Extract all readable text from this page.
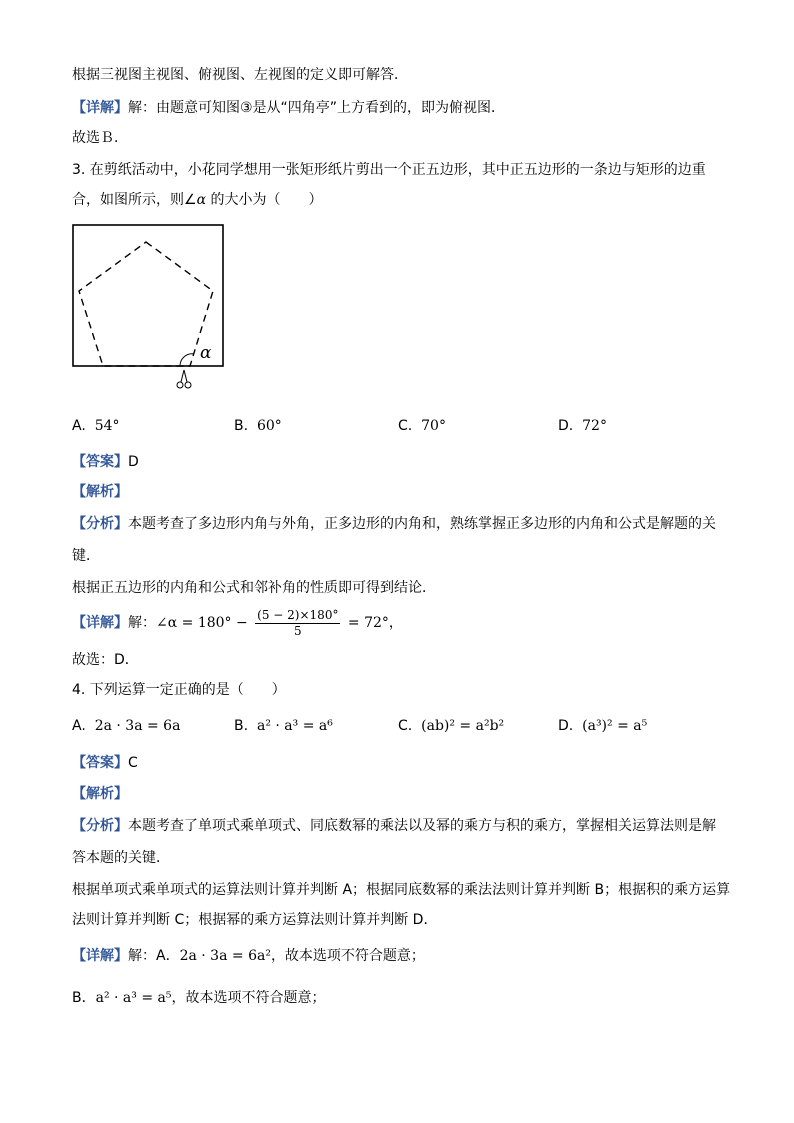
根据三视图主视图、俯视图、左视图的定义即可解答．
【详解】解：由题意可知图③是从“四角亭”上方看到的，即为俯视图．
故选Ｂ．
3. 在剪纸活动中，小花同学想用一张矩形纸片剪出一个正五边形，其中正五边形的一条边与矩形的边重
合，如图所示，则∠α 的大小为（　　）
α
A. 54°	B. 60°	C. 70°	D. 72°
【答案】D
【解析】
【分析】本题考查了多边形内角与外角，正多边形的内角和，熟练掌握正多边形的内角和公式是解题的关
键．
根据正五边形的内角和公式和邻补角的性质即可得到结论．
【详解】解：∠α = $180^\circ - \frac{(5 - 2)\times 180^\circ}{5} = 72^\circ$，
故选：D．
4. 下列运算一定正确的是（　　）
A. 2a · 3a = 6a	B. a² · a³ = a⁶	C. (ab)² = a²b²	D. (a³)² = a⁵
【答案】C
【解析】
【分析】本题考查了单项式乘单项式、同底数幂的乘法以及幂的乘方与积的乘方，掌握相关运算法则是解
答本题的关键．
根据单项式乘单项式的运算法则计算并判断 A；根据同底数幂的乘法法则计算并判断 B；根据积的乘方运算
法则计算并判断 C；根据幂的乘方运算法则计算并判断 D．
【详解】解：A．2a · 3a = 6a²，故本选项不符合题意；
B．a² · a³ = a⁵，故本选项不符合题意；
